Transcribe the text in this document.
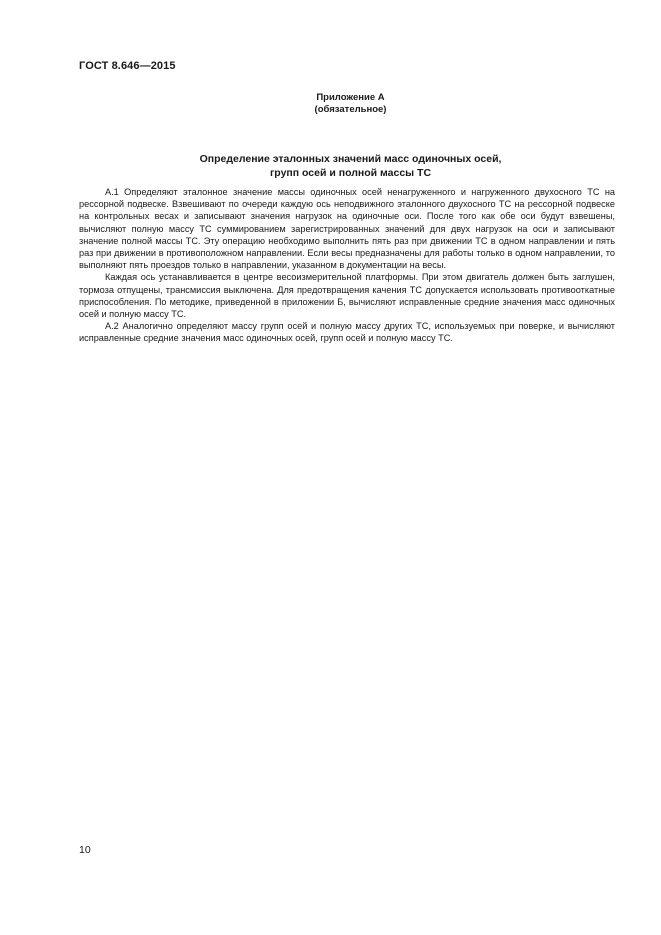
ГОСТ 8.646—2015
Приложение А
(обязательное)
Определение эталонных значений масс одиночных осей,
групп осей и полной массы ТС

А.1 Определяют эталонное значение массы одиночных осей ненагруженного и нагруженного двухосного ТС на рессорной подвеске. Взвешивают по очереди каждую ось неподвижного эталонного двухосного ТС на рессорной подвеске на контрольных весах и записывают значения нагрузок на одиночные оси. После того как обе оси будут взвешены, вычисляют полную массу ТС суммированием зарегистрированных значений для двух нагрузок на оси и записывают значение полной массы ТС. Эту операцию необходимо выполнить пять раз при движении ТС в одном направлении и пять раз при движении в противоположном направлении. Если весы предназначены для работы только в одном направлении, то выполняют пять проездов только в направлении, указанном в документации на весы.

Каждая ось устанавливается в центре весоизмерительной платформы. При этом двигатель должен быть заглушен, тормоза отпущены, трансмиссия выключена. Для предотвращения качения ТС допускается использовать противооткатные приспособления. По методике, приведенной в приложении Б, вычисляют исправленные средние значения масс одиночных осей и полную массу ТС.

А.2 Аналогично определяют массу групп осей и полную массу других ТС, используемых при поверке, и вычисляют исправленные средние значения масс одиночных осей, групп осей и полную массу ТС.

10
